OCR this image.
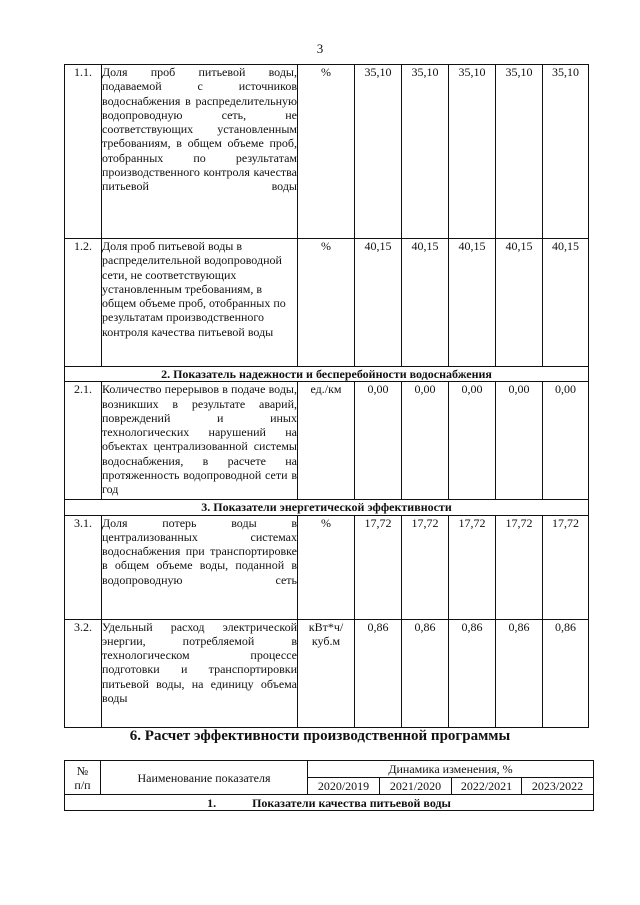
3
1.1.	Доля проб питьевой воды, подаваемой с источников водоснабжения в распределительную водопроводную сеть, не соответствующих установленным требованиям, в общем объеме проб, отобранных по результатам производственного контроля качества питьевой воды	%	35,10	35,10	35,10	35,10	35,10
1.2.	Доля проб питьевой воды в распределительной водопроводной сети, не соответствующих установленным требованиям, в общем объеме проб, отобранных по результатам производственного контроля качества питьевой воды	%	40,15	40,15	40,15	40,15	40,15
2. Показатель надежности и бесперебойности водоснабжения							
2.1.	Количество перерывов в подаче воды, возникших в результате аварий, повреждений и иных технологических нарушений на объектах централизованной системы водоснабжения, в расчете на протяженность водопроводной сети в год	ед./км	0,00	0,00	0,00	0,00	0,00
3. Показатели энергетической эффективности							
3.1.	Доля потерь воды в централизованных системах водоснабжения при транспортировке в общем объеме воды, поданной в водопроводную сеть	%	17,72	17,72	17,72	17,72	17,72
3.2.	Удельный расход электрической энергии, потребляемой в технологическом процессе подготовки и транспортировки питьевой воды, на единицу объема воды	кВт*ч/ куб.м	0,86	0,86	0,86	0,86	0,86
6. Расчет эффективности производственной программы
№
п/п	Наименование показателя	Динамика изменения, %			
		2020/2019	2021/2020	2022/2021	2023/2022
1. Показатели качества питьевой воды					
